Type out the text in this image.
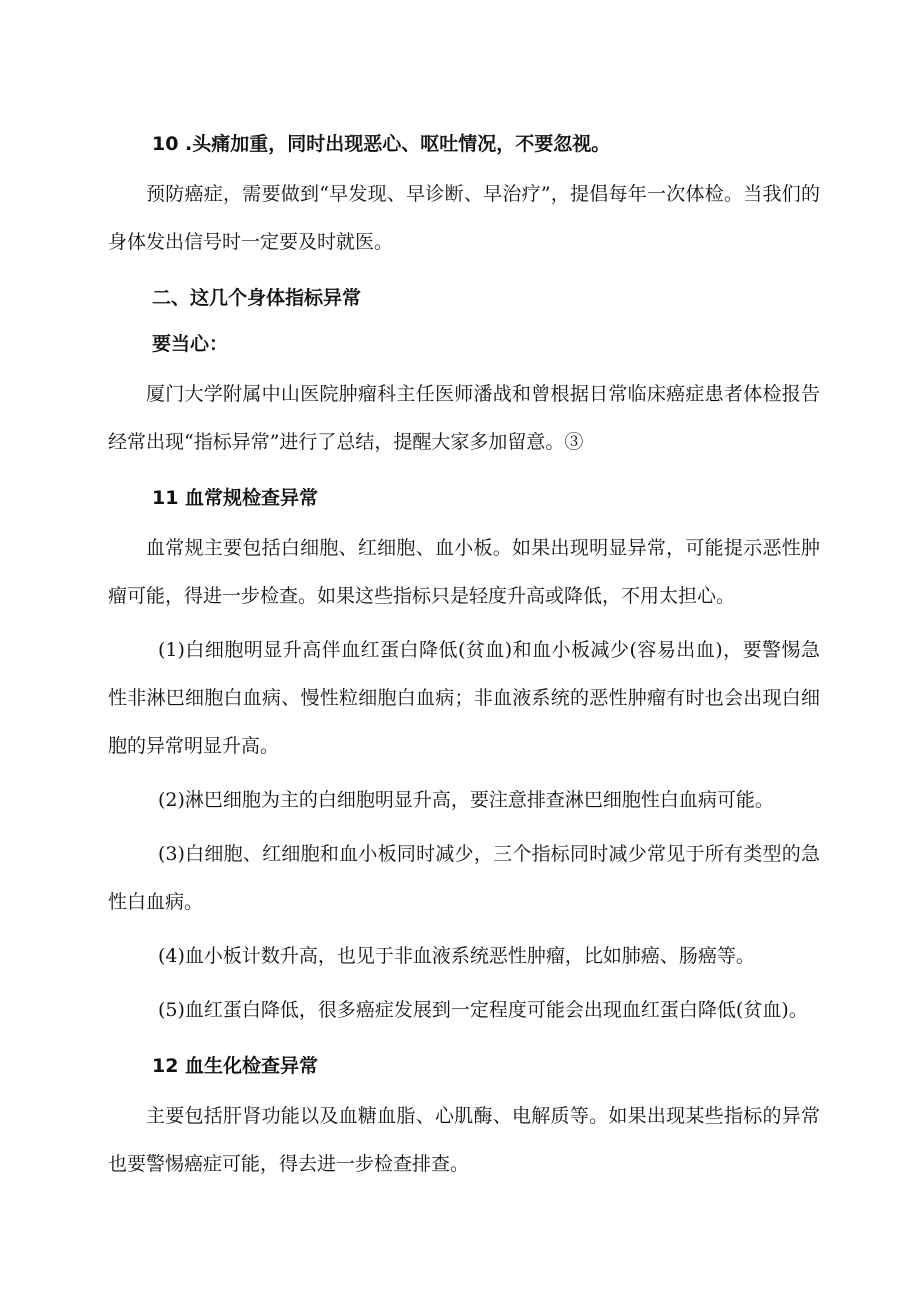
10 .头痛加重，同时出现恶心、呕吐情况，不要忽视。

预防癌症，需要做到“早发现、早诊断、早治疗”，提倡每年一次体检。当我们的身体发出信号时一定要及时就医。

二、这几个身体指标异常

要当心：

厦门大学附属中山医院肿瘤科主任医师潘战和曾根据日常临床癌症患者体检报告经常出现“指标异常”进行了总结，提醒大家多加留意。③

11 血常规检查异常

血常规主要包括白细胞、红细胞、血小板。如果出现明显异常，可能提示恶性肿瘤可能，得进一步检查。如果这些指标只是轻度升高或降低，不用太担心。

(1)白细胞明显升高伴血红蛋白降低(贫血)和血小板减少(容易出血)，要警惕急性非淋巴细胞白血病、慢性粒细胞白血病；非血液系统的恶性肿瘤有时也会出现白细胞的异常明显升高。

(2)淋巴细胞为主的白细胞明显升高，要注意排查淋巴细胞性白血病可能。

(3)白细胞、红细胞和血小板同时减少，三个指标同时减少常见于所有类型的急性白血病。

(4)血小板计数升高，也见于非血液系统恶性肿瘤，比如肺癌、肠癌等。

(5)血红蛋白降低，很多癌症发展到一定程度可能会出现血红蛋白降低(贫血)。

12 血生化检查异常

主要包括肝肾功能以及血糖血脂、心肌酶、电解质等。如果出现某些指标的异常也要警惕癌症可能，得去进一步检查排查。
